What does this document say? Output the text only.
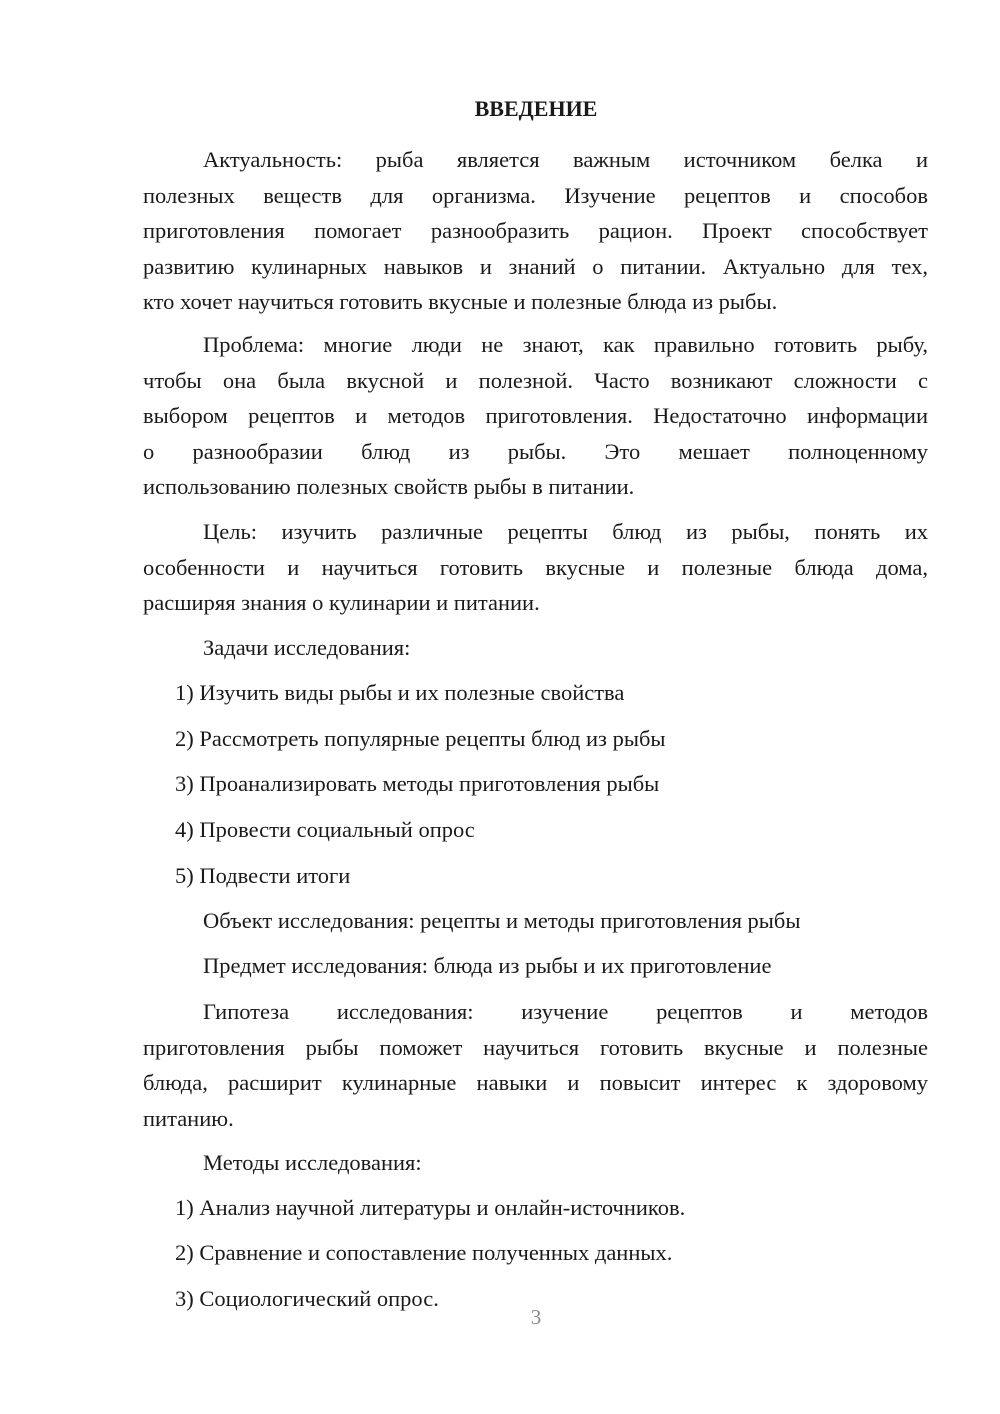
ВВЕДЕНИЕ
Актуальность: рыба является важным источником белка и
полезных веществ для организма. Изучение рецептов и способов
приготовления помогает разнообразить рацион. Проект способствует
развитию кулинарных навыков и знаний о питании. Актуально для тех,
кто хочет научиться готовить вкусные и полезные блюда из рыбы.
Проблема: многие люди не знают, как правильно готовить рыбу,
чтобы она была вкусной и полезной. Часто возникают сложности с
выбором рецептов и методов приготовления. Недостаточно информации
о разнообразии блюд из рыбы. Это мешает полноценному
использованию полезных свойств рыбы в питании.
Цель: изучить различные рецепты блюд из рыбы, понять их
особенности и научиться готовить вкусные и полезные блюда дома,
расширяя знания о кулинарии и питании.
Задачи исследования:
1) Изучить виды рыбы и их полезные свойства
2) Рассмотреть популярные рецепты блюд из рыбы
3) Проанализировать методы приготовления рыбы
4) Провести социальный опрос
5) Подвести итоги
Объект исследования: рецепты и методы приготовления рыбы
Предмет исследования: блюда из рыбы и их приготовление
Гипотеза исследования: изучение рецептов и методов
приготовления рыбы поможет научиться готовить вкусные и полезные
блюда, расширит кулинарные навыки и повысит интерес к здоровому
питанию.
Методы исследования:
1) Анализ научной литературы и онлайн-источников.
2) Сравнение и сопоставление полученных данных.
3) Социологический опрос.
3
